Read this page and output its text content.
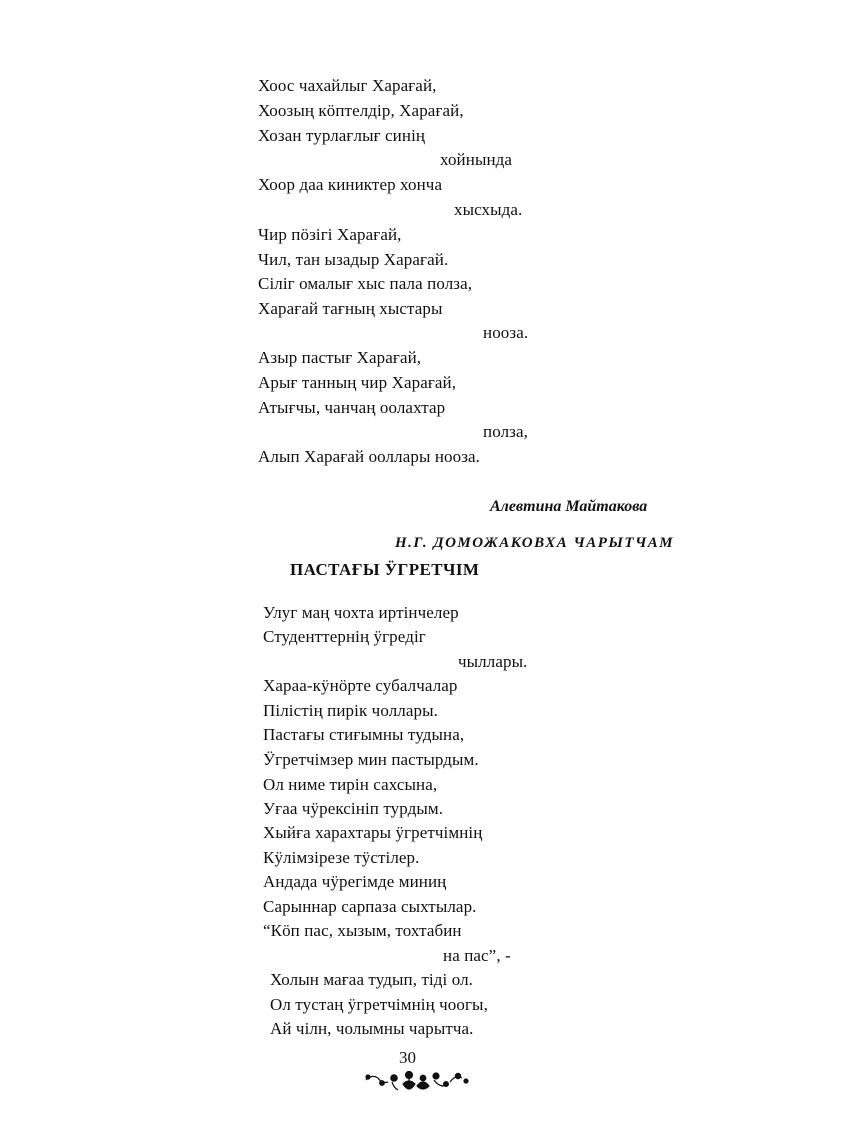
Хоос чахайлыг Харағай,
Хоозың кӧптелдір, Харағай,
Хозан турлағлығ синің
хойнында
Хоор даа киниктер хонча
хысхыда.
Чир пӧзігі Харағай,
Чил, тан ызадыр Харағай.
Сіліг омалығ хыс пала полза,
Харағай тағның хыстары
нооза.
Азыр пастығ Харағай,
Арығ танның чир Харағай,
Атығчы, чанчаң оолахтар
полза,
Алып Харағай ооллары нооза.
Алевтина Майтакова
Н.Г. ДОМОЖАКОВХА ЧАРЫТЧАМ
ПАСТАҒЫ ӰГРЕТЧІМ
Улуг маң чохта иртінчелер
Студенттернің ӱгредіг
чыллары.
Хараа-кӱнӧрте субалчалар
Пілістің пирік чоллары.
Пастағы стиғымны тудына,
Ӱгретчімзер мин пастырдым.
Ол ниме тирін сахсына,
Уғаа чӱрексініп турдым.
Хыйға харахтары ӱгретчімнің
Кӱлімзірезе тӱстілер.
Андада чӱрегімде миниң
Сарыннар сарпаза сыхтылар.
“Кӧп пас, хызым, тохтабин
на пас”, -
Холын мағаа тудып, тіді ол.
Ол тустаң ӱгретчімнің чоогы,
Ай чілн, чолымны чарытча.
30
